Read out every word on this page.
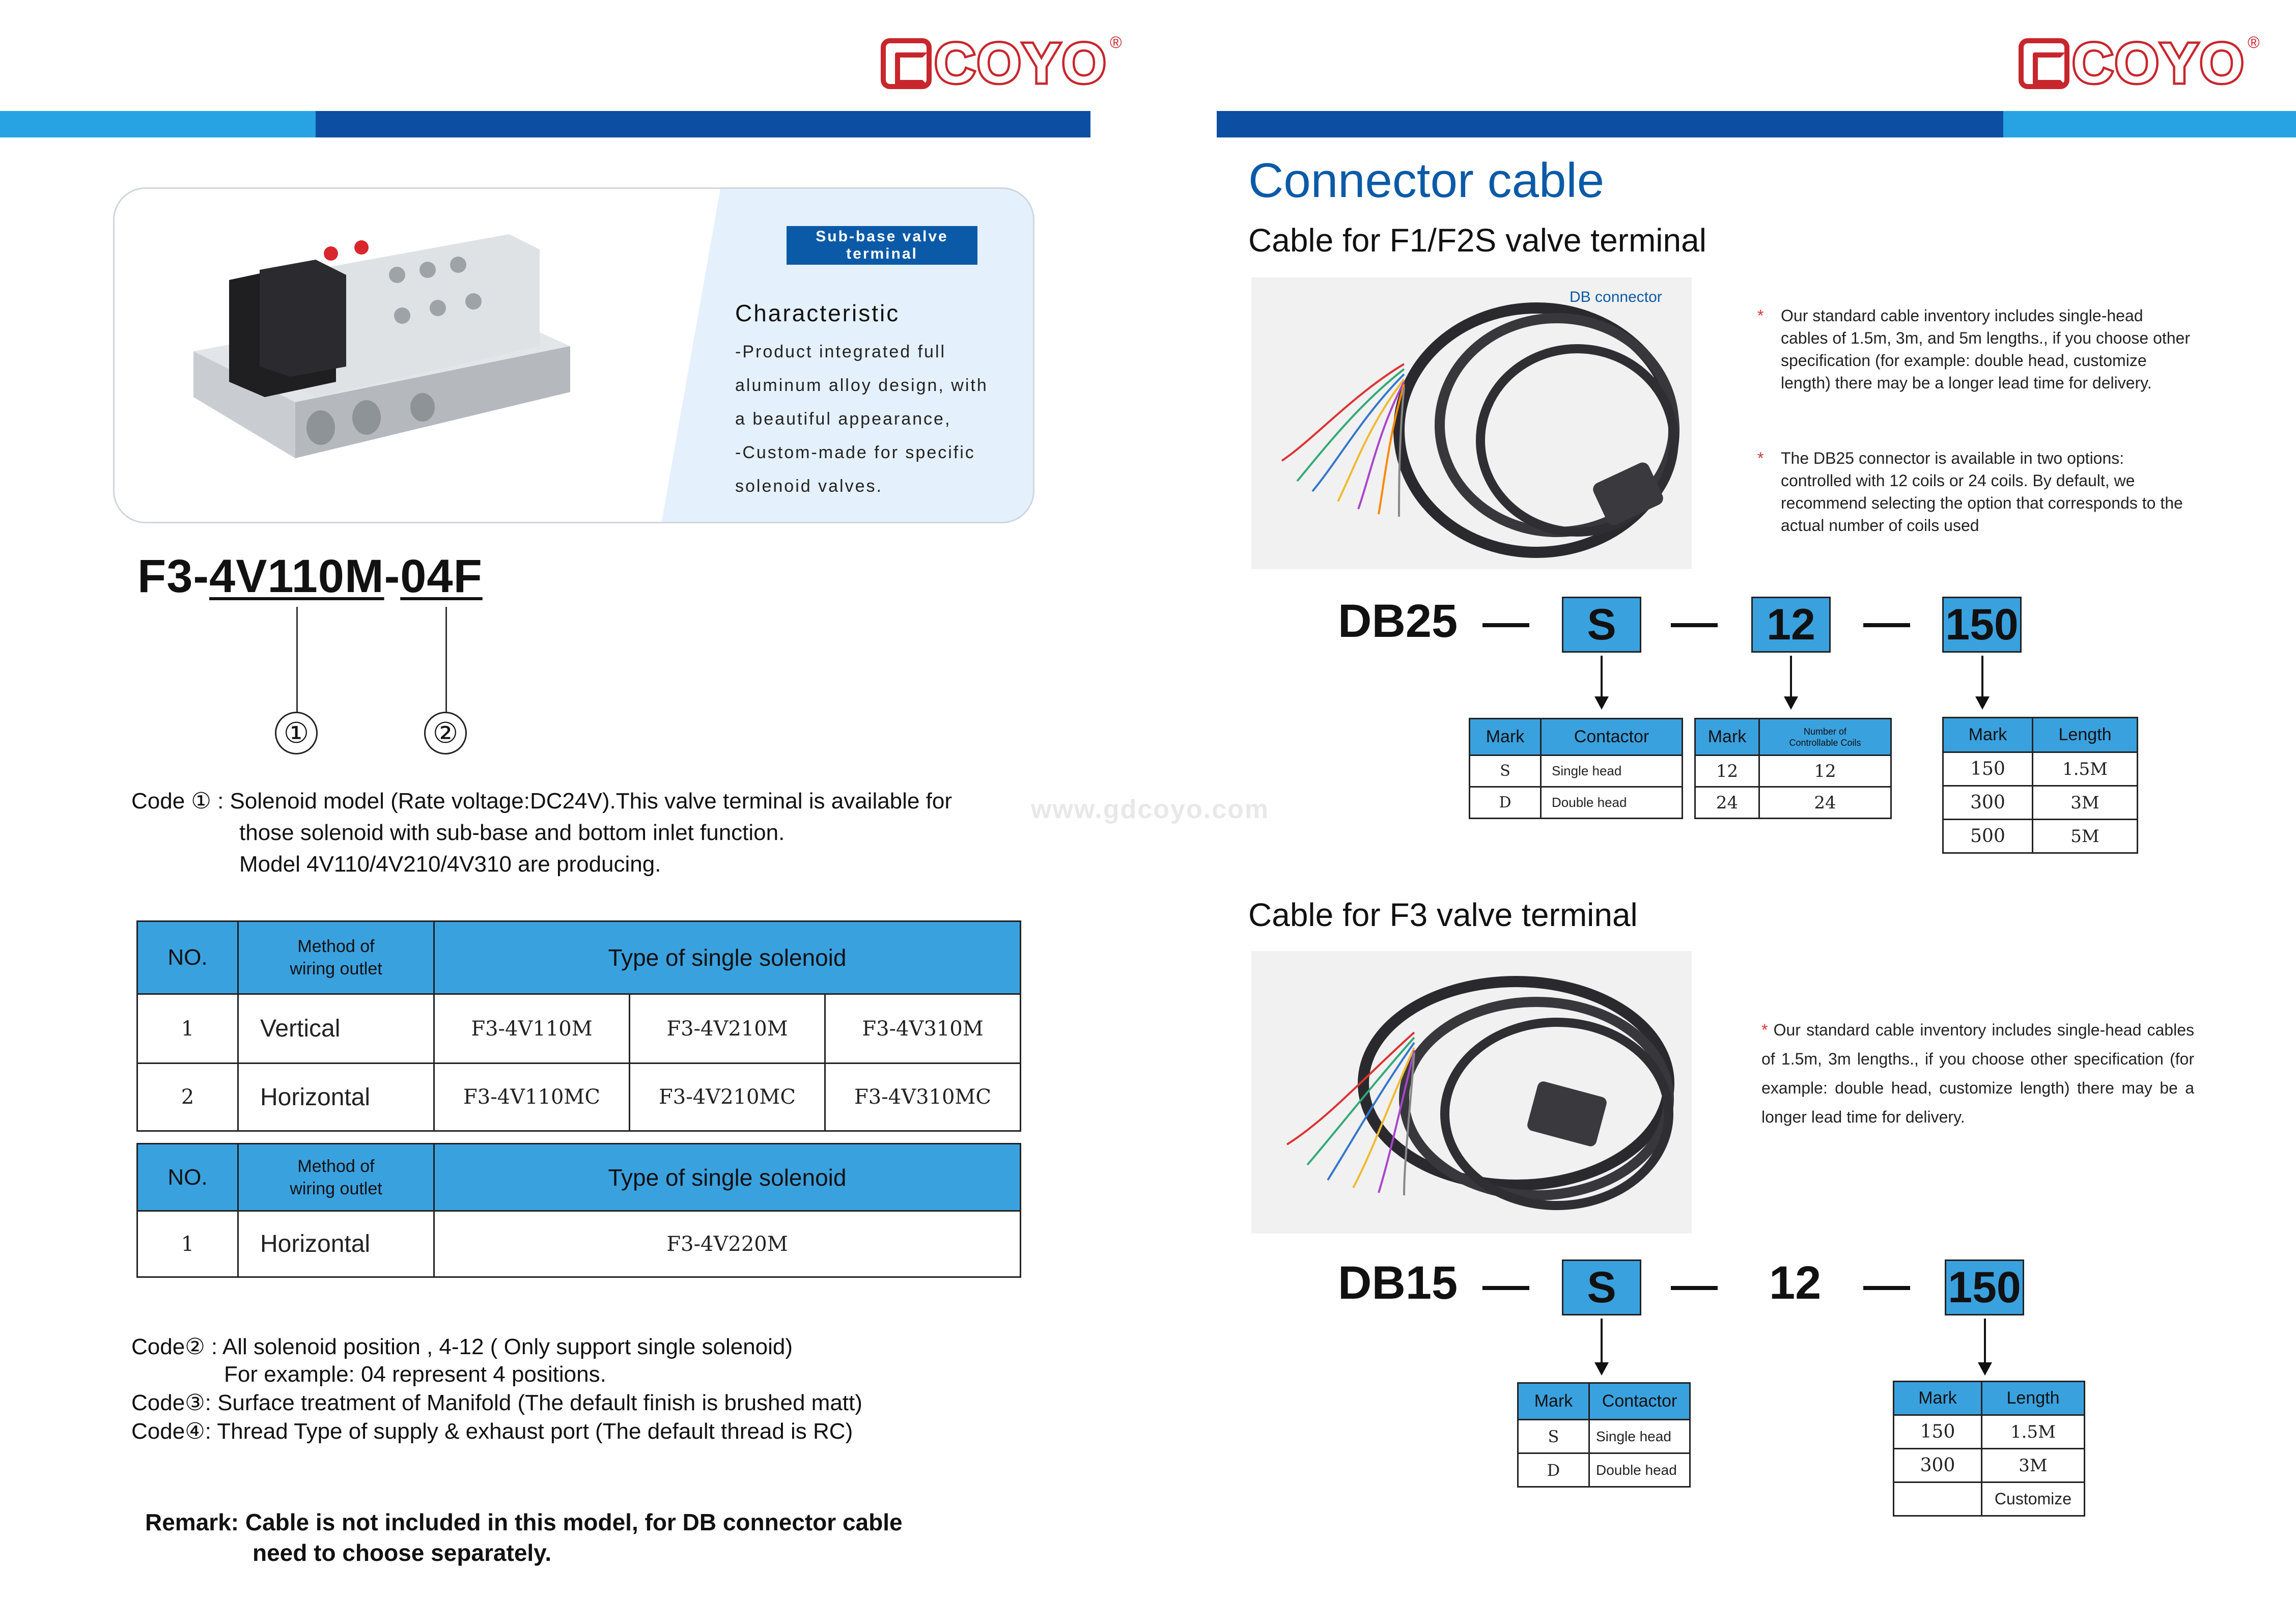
COYO ®	COYO ®
Sub-base valve terminal
Characteristic
-Product integrated full
aluminum alloy design, with
a beautiful appearance,
-Custom-made for specific
solenoid valves.
F3-4V110M-04F
①	②
Code ① : Solenoid model (Rate voltage:DC24V).This valve terminal is available for
those solenoid with sub-base and bottom inlet function.
Model 4V110/4V210/4V310 are producing.
www.gdcoyo.com
NO.	Method of wiring outlet	Type of single solenoid		
1	Vertical	F3-4V110M	F3-4V210M	F3-4V310M
2	Horizontal	F3-4V110MC	F3-4V210MC	F3-4V310MC
NO.	Method of wiring outlet	Type of single solenoid
1	Horizontal	F3-4V220M
Code② : All solenoid position , 4-12 ( Only support single solenoid)
For example: 04 represent 4 positions.
Code③: Surface treatment of Manifold (The default finish is brushed matt)
Code④: Thread Type of supply & exhaust port (The default thread is RC)
Remark: Cable is not included in this model, for DB connector cable
need to choose separately.
Connector cable
Cable for F1/F2S valve terminal
DB connector
* Our standard cable inventory includes single-head cables of 1.5m, 3m, and 5m lengths., if you choose other specification (for example: double head, customize length) there may be a longer lead time for delivery.
* The DB25 connector is available in two options: controlled with 12 coils or 24 coils. By default, we recommend selecting the option that corresponds to the actual number of coils used
DB25	S	12	150
Mark	Contactor
S	Single head
D	Double head
Mark	Number of Controllable Coils
12	12
24	24
Mark	Length
150	1.5M
300	3M
500	5M
Cable for F3 valve terminal
* Our standard cable inventory includes single-head cables of 1.5m, 3m lengths., if you choose other specification (for example: double head, customize length) there may be a longer lead time for delivery.
DB15	S	12	150
Mark	Contactor
S	Single head
D	Double head
Mark	Length
150	1.5M
300	3M
	Customize
